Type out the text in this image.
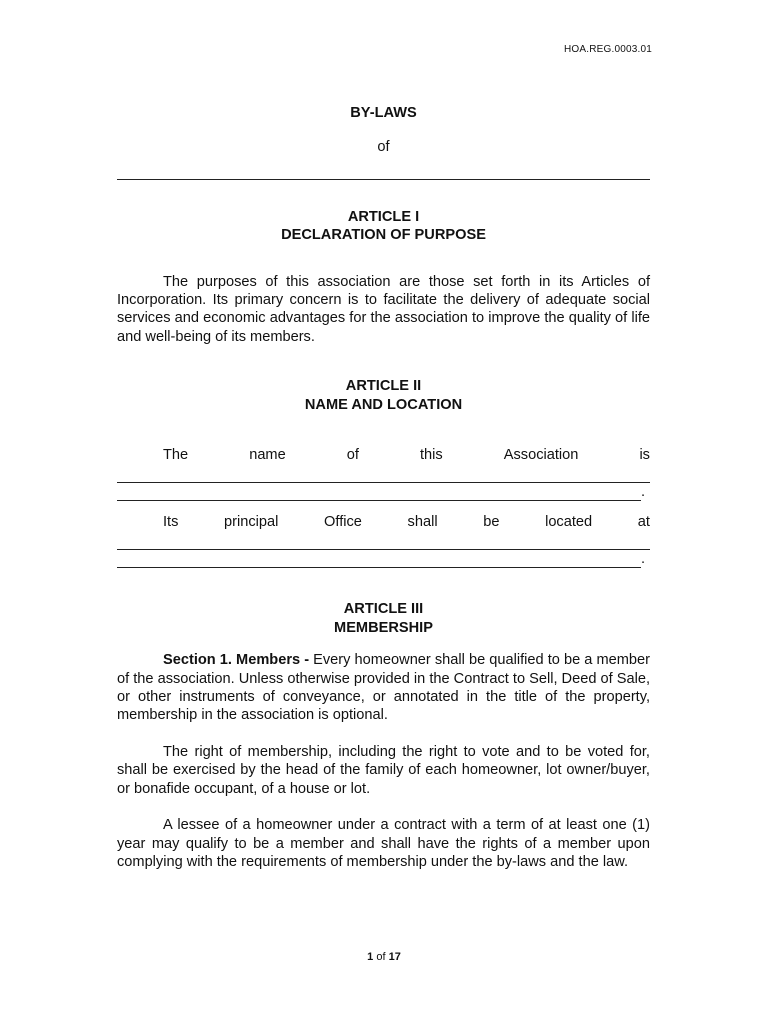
HOA.REG.0003.01
BY-LAWS
of
ARTICLE I
DECLARATION OF PURPOSE

The purposes of this association are those set forth in its Articles of Incorporation. Its primary concern is to facilitate the delivery of adequate social services and economic advantages for the association to improve the quality of life and well-being of its members.

ARTICLE II
NAME AND LOCATION
The	name	of	this	Association	is
.
Its	principal	Office	shall	be	located	at
.
ARTICLE III
MEMBERSHIP

Section 1. Members - Every homeowner shall be qualified to be a member of the association. Unless otherwise provided in the Contract to Sell, Deed of Sale, or other instruments of conveyance, or annotated in the title of the property, membership in the association is optional.

The right of membership, including the right to vote and to be voted for, shall be exercised by the head of the family of each homeowner, lot owner/buyer, or bonafide occupant, of a house or lot.

A lessee of a homeowner under a contract with a term of at least one (1) year may qualify to be a member and shall have the rights of a member upon complying with the requirements of membership under the by-laws and the law.

1 of 17
